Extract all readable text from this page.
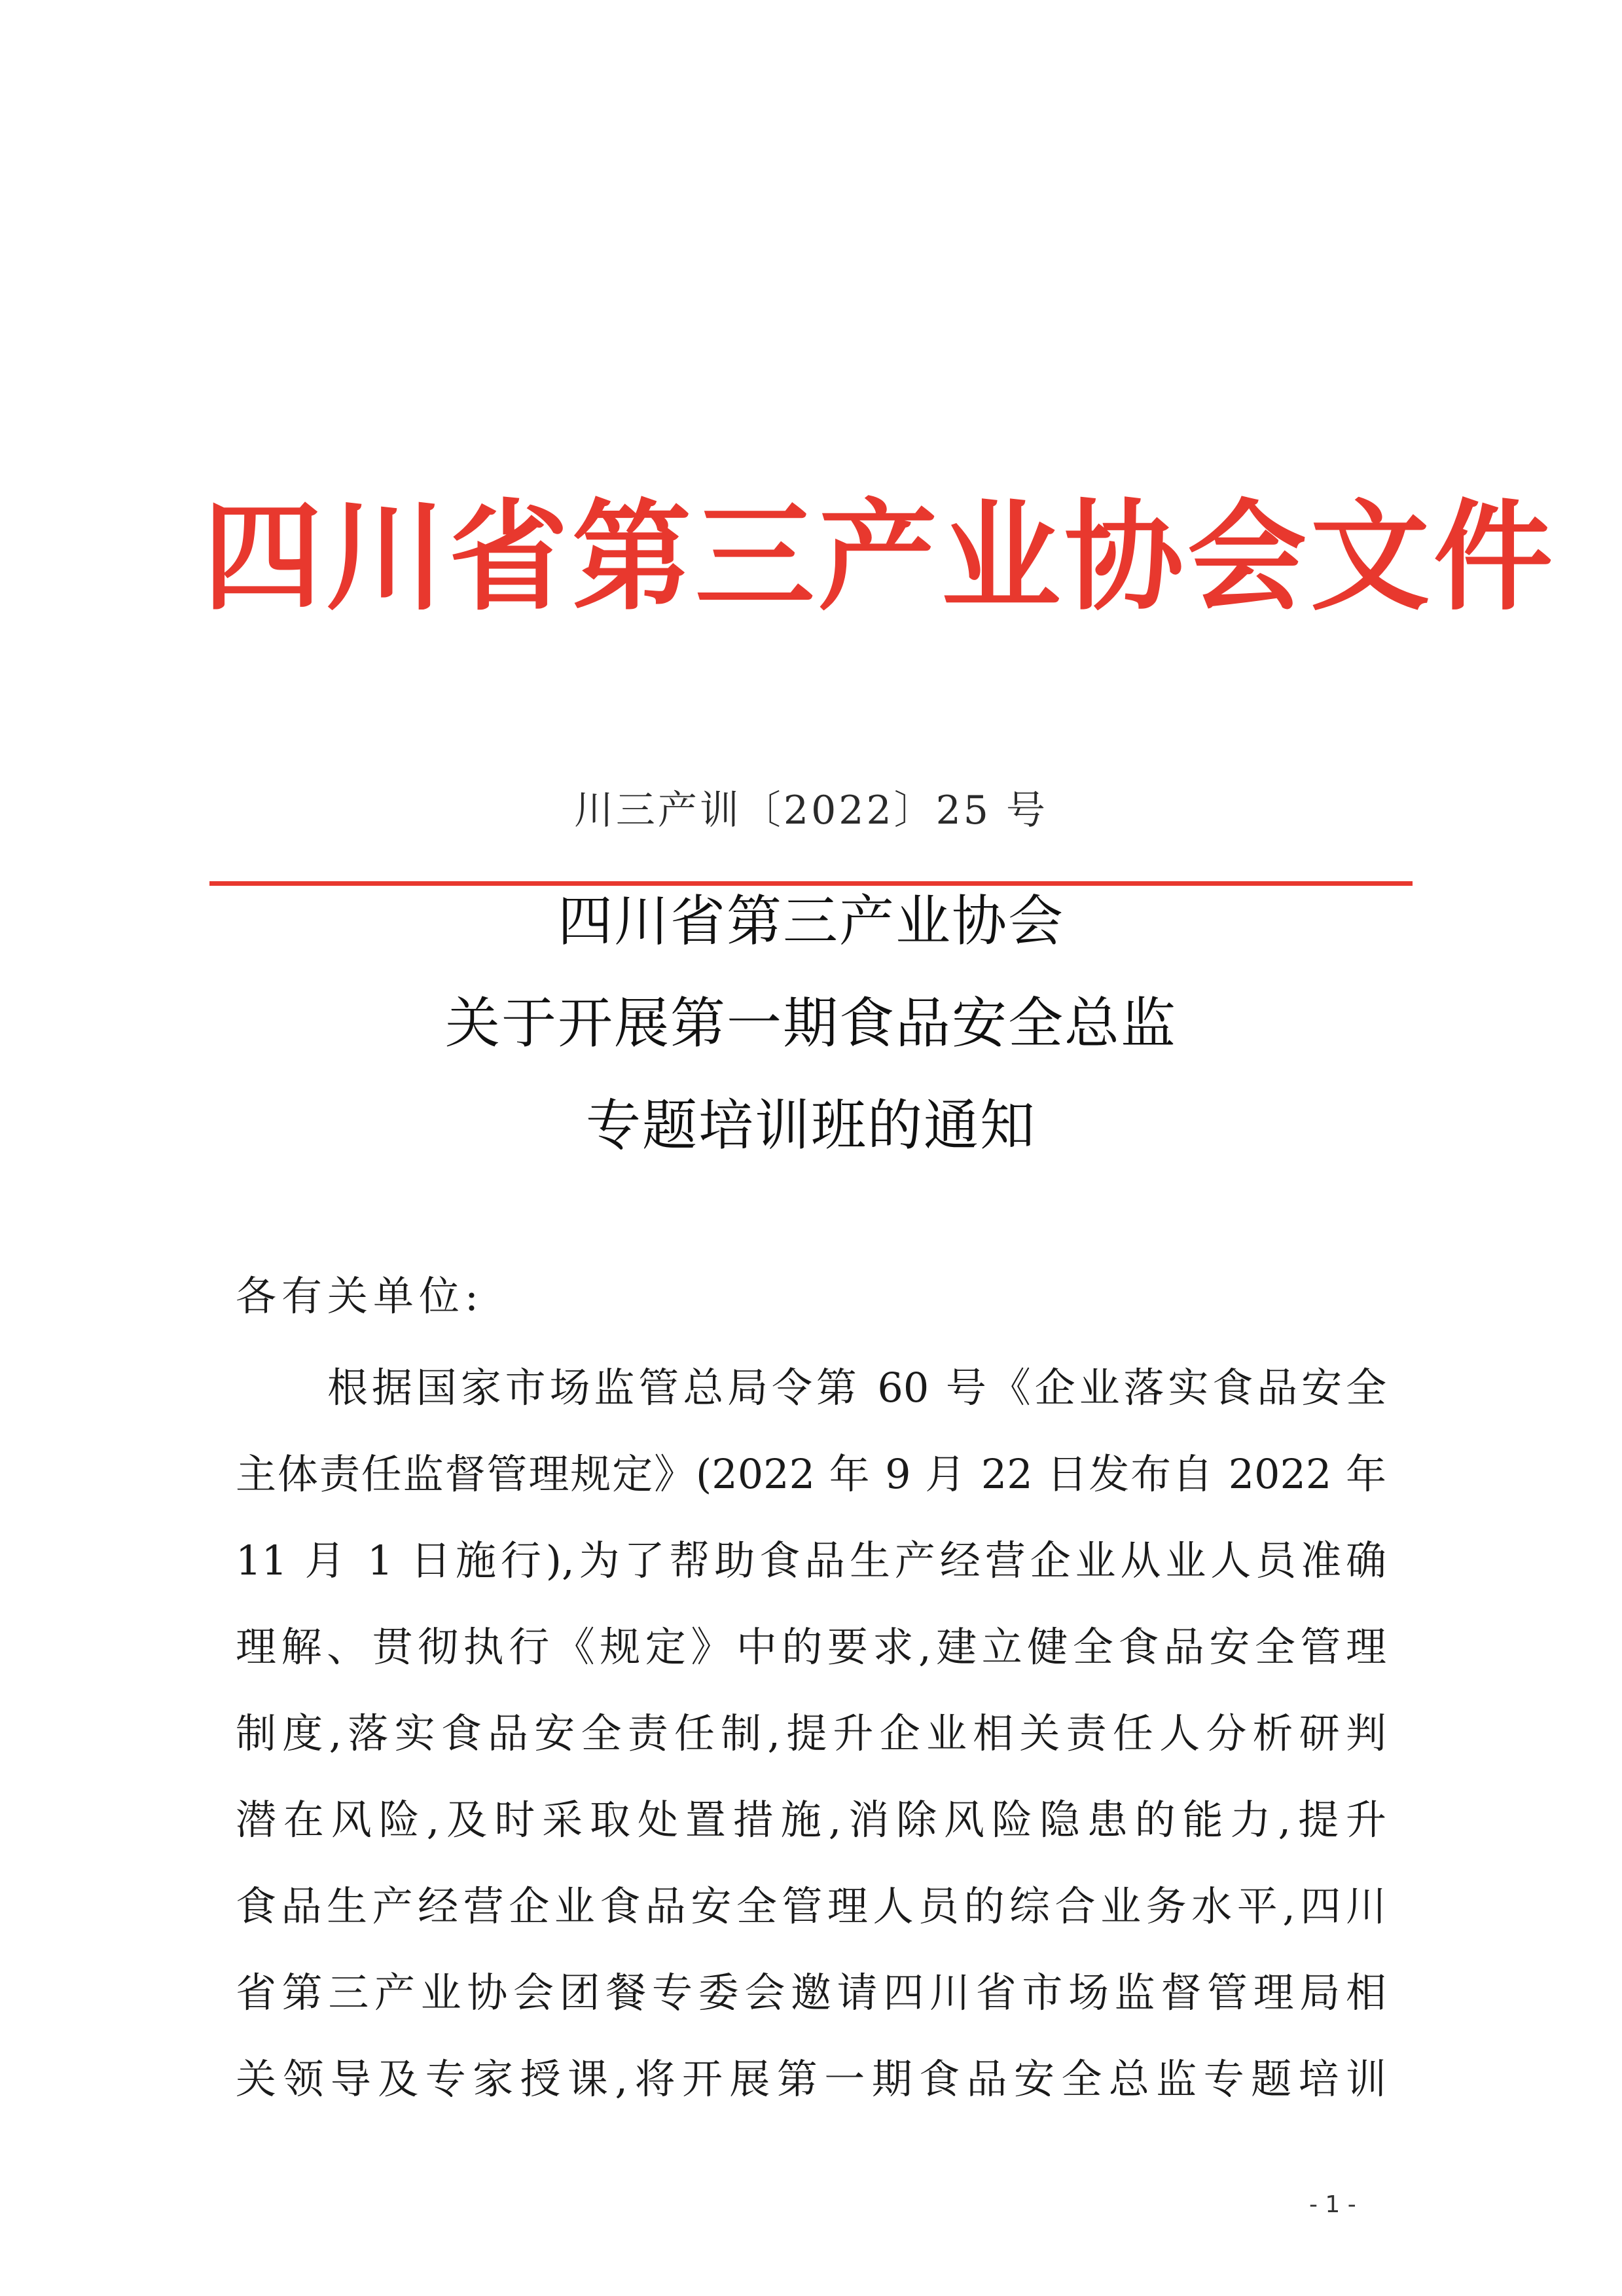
四川省第三产业协会文件
川三产训〔2022〕25 号
四川省第三产业协会
关于开展第一期食品安全总监
专题培训班的通知
各有关单位:
根据国家市场监管总局令第 60 号《企业落实食品安全
主体责任监督管理规定》(2022 年 9 月 22 日发布自 2022 年
11 月 1 日施行),为了帮助食品生产经营企业从业人员准确
理解、贯彻执行《规定》中的要求,建立健全食品安全管理
制度,落实食品安全责任制,提升企业相关责任人分析研判
潜在风险,及时采取处置措施,消除风险隐患的能力,提升
食品生产经营企业食品安全管理人员的综合业务水平,四川
省第三产业协会团餐专委会邀请四川省市场监督管理局相
关领导及专家授课,将开展第一期食品安全总监专题培训
- 1 -
